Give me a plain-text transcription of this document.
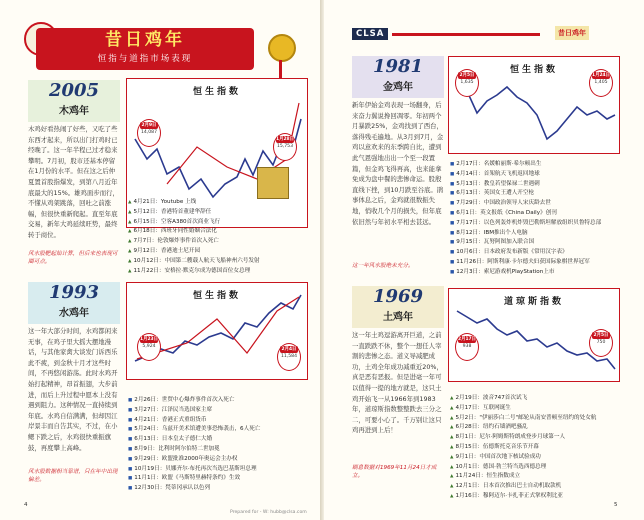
昔日鸡年
恒指与道指市场表现
2005
木鸡年
木鸡好看热闹了好些，又吃了些东西才起来，所以出门打鸡时已经晚了。这一年半程已过才稳来攀明。7月初，股市还基本停留在1月份的水平。但在这之后仲夏置首股指爆发，到第八月近年底最大的15%。雄鸡面步而行，不懂从鸡架跳落，回吐之前涨幅，但很快重新爬起。直至年底交易，新年大鸡延续旺势，最终转于商位。
风水股靶起始计算，但后来也表现可圈可点。
恒生指数
2月9日
14,087
1月28日
15,753
▲ 4月21日：Youtube 上线
▲ 5月12日：香港特首董建华辞任
▲ 6月15日：空客A380首次商业飞行
▲ 6月18日：西班牙同性婚姻合法化
▲ 7月7日：伦敦爆炸事件首次入死亡
▲ 9月12日：香港迪士尼开园
▲ 10月12日：中国第二艘载人航天飞船神州六号发射
▲ 11月22日：安格拉·默克尔成为德国首位女总理
1993
水鸡年
这一年大部分时间，水鸡都闲来无事，在鸡子里大摇大摆地漫话，与其他家禽大谈发门诉西乐此不疲，到金秋十月才这些时间，不再悠闲游荡。此时水鸡开始打起精神，昂首振翅，大步前进，而后上升过程中愿本上没有遇到阻力。这种情况一直持续到年底。水鸡自信满满，但却因江岸景丰而自告其实，不过，在小鳃下跌之后，水鸡很快重振旗鼓，再度攀上高峰。
风水股数据相当靠谱，只在年中出现偏差。
恒生指数
1月23日
5,924
2月4日
11,584
■ 2月26日：世贸中心爆炸事件首次入死亡
■ 3月27日：江泽民当选国家主席
■ 4月21日：香港正式重组货币
■ 5月24日：乌兹开美术馆遭美事恐怖袭击，6人死亡
■ 6月13日：日本皇太子德仁大婚
■ 8月9日：比利时阿尔伯特二世加冕
■ 9月29日：欧盟批准2000年奥运会主办权
■ 10月19日：贝娜齐尔·布托再次当选巴基斯坦总理
■ 11月1日：欧盟《马斯特里赫特条约》生效
■ 12月30日：梵蒂冈承认以色列
CLSA	昔日鸡年
1981
金鸡年
新年伊始金鸡表现一场翻身，后来奋力翼说搀回凋零。年初两个月暴跌25%，金鸡找到了西台，落得残毛遍地。从3月到7月，金鸡以意欢来的东季跨自比，遭到此气恩强地出出一个至一段置篇，但金鸡飞得再高，也来能拿免成为盘中餐的悲惨命运。股殷直线下挫，到10月跌至谷底。鹃事体息之后，金鸡就很数振失地，悄收几个月的损失，但年底依旧然与年初水平相去甚远。
这一年风水股绝未充分。
恒生指数
2月5日
1,635
1月24日
1,405
■ 2月17日：名媛帕丽斯·希尔顿出生
■ 4月14日：首架航天飞机返回地球
■ 5月13日：教皇若望保禄二世遇刺
■ 6月13日：英国女王遭人开空枪
■ 7月29日：中国政治领导人宋庆龄去世
■ 6月1日：英文报纸《China Daily》创刊
■ 7月17日：以色列轰炸机炸毁巴勒斯坦解放组织贝鲁特总部
■ 8月12日：IBM推出个人电脑
■ 9月15日：瓦努阿图加入联合国
■ 10月6日：日本政府发布新版《常用汉字表》
■ 11月26日：阿斯利康·卡尔德夫妇获国际象棋世界冠军
■ 12月3日：索尼游戏机PlayStation上市
1969
土鸡年
这一年土鸡逗游离开巨道，之前一直跌跌不休，整个一想任人宰割的悲惨之态。道义导减肥成功，土鸡全年成功减重近20%，真是恶有恶报。但是进毫一年可以值得一提的地方就是，这只土鸡开始飞一从1966年到1983年，道琼斯指数整整跌去三分之二，可要小心了。千万别让这只鸡再进到上后！
刷息数据对1969年11月24日才成立。
道琼斯指数
2月17日
938
2月5日
750
▲ 2月19日：波音747首次试飞
▲ 4月17日：互联网诞生
▲ 5月2日："伊丽莎白二号"邮轮从南安普顿至纽约的处女航
▲ 6月28日：纽约石墙酒吧骚乱
▲ 8月1日：尼尔·阿姆斯特朗成登步月球第一人
▲ 8月15日：伍德斯托克音乐节开幕
▲ 9月1日：中国首次地下核试验成功
▲ 10月1日：德国·勃兰特当选西德总理
▲ 11月24日：恒生指数成立
▲ 12月1日：日本首次推出巴士自动机取款机
▲ 1月16日：穆阿迈尔·卡扎菲正式掌权利比亚
4	5
Prepared for - W: hubb@clsa.com
